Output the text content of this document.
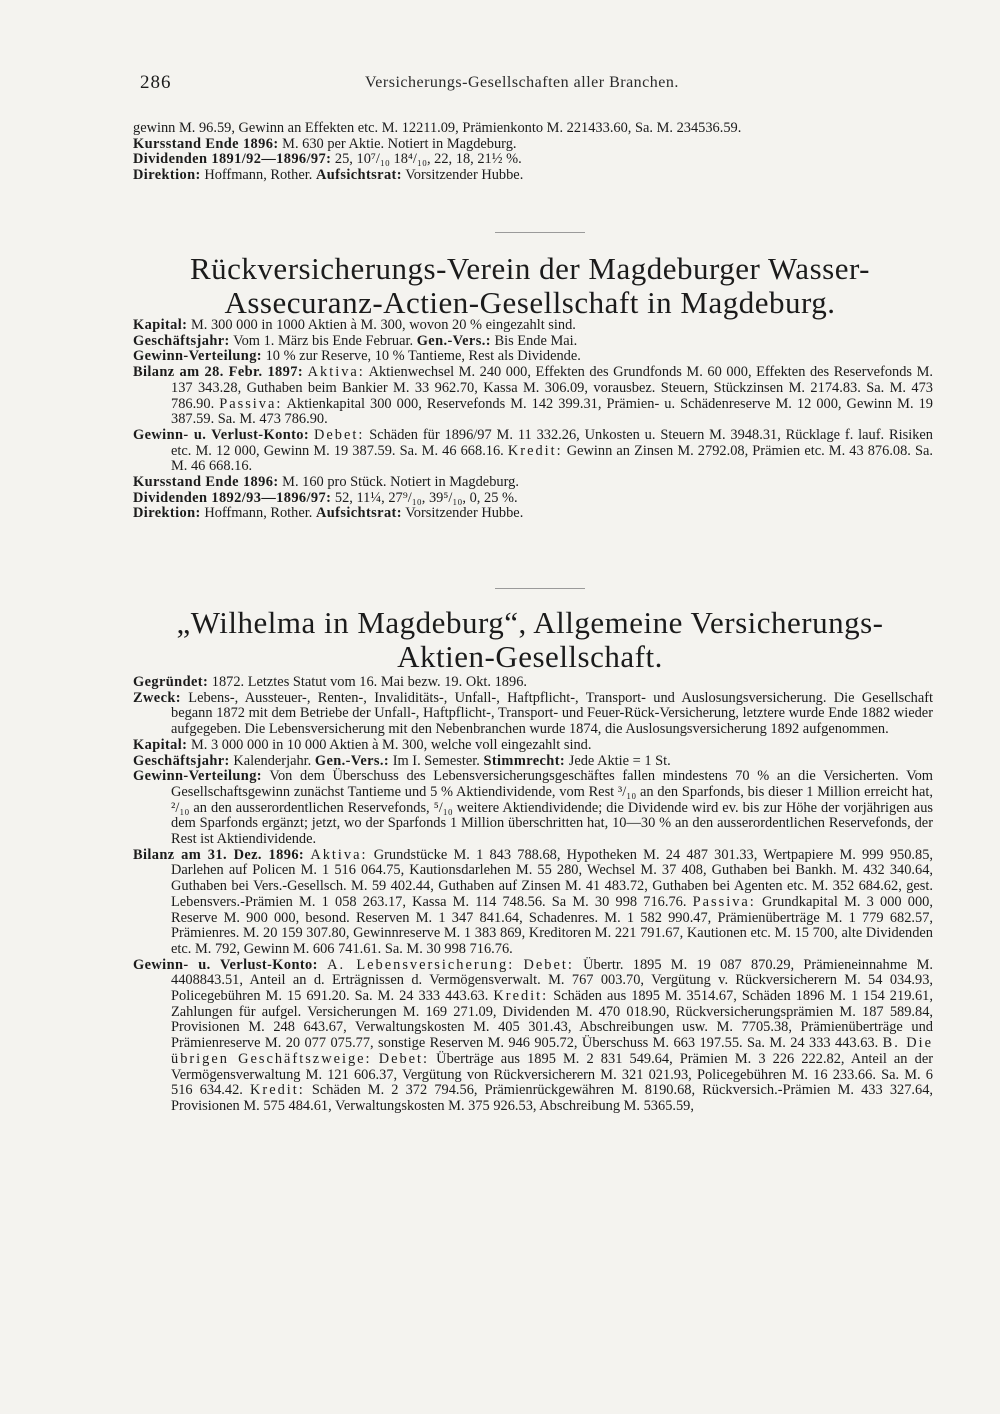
286	Versicherungs-Gesellschaften aller Branchen.

gewinn M. 96.59, Gewinn an Effekten etc. M. 12211.09, Prämienkonto M. 221433.60, Sa. M. 234536.59.

Kursstand Ende 1896: M. 630 per Aktie. Notiert in Magdeburg.

Dividenden 1891/92—1896/97: 25, 10⁷/₁₀ 18⁴/₁₀, 22, 18, 21½ %.

Direktion: Hoffmann, Rother. Aufsichtsrat: Vorsitzender Hubbe.

Rückversicherungs-Verein der Magdeburger Wasser-
Assecuranz-Actien-Gesellschaft in Magdeburg.

Kapital: M. 300 000 in 1000 Aktien à M. 300, wovon 20 % eingezahlt sind.

Geschäftsjahr: Vom 1. März bis Ende Februar. Gen.-Vers.: Bis Ende Mai.

Gewinn-Verteilung: 10 % zur Reserve, 10 % Tantieme, Rest als Dividende.

Bilanz am 28. Febr. 1897: Aktiva: Aktienwechsel M. 240 000, Effekten des Grundfonds M. 60 000, Effekten des Reservefonds M. 137 343.28, Guthaben beim Bankier M. 33 962.70, Kassa M. 306.09, vorausbez. Steuern, Stückzinsen M. 2174.83. Sa. M. 473 786.90. Passiva: Aktienkapital 300 000, Reservefonds M. 142 399.31, Prämien- u. Schädenreserve M. 12 000, Gewinn M. 19 387.59. Sa. M. 473 786.90.

Gewinn- u. Verlust-Konto: Debet: Schäden für 1896/97 M. 11 332.26, Unkosten u. Steuern M. 3948.31, Rücklage f. lauf. Risiken etc. M. 12 000, Gewinn M. 19 387.59. Sa. M. 46 668.16. Kredit: Gewinn an Zinsen M. 2792.08, Prämien etc. M. 43 876.08. Sa. M. 46 668.16.

Kursstand Ende 1896: M. 160 pro Stück. Notiert in Magdeburg.

Dividenden 1892/93—1896/97: 52, 11¼, 27⁹/₁₀, 39⁵/₁₀, 0, 25 %.

Direktion: Hoffmann, Rother. Aufsichtsrat: Vorsitzender Hubbe.

„Wilhelma in Magdeburg“, Allgemeine Versicherungs-
Aktien-Gesellschaft.

Gegründet: 1872. Letztes Statut vom 16. Mai bezw. 19. Okt. 1896.

Zweck: Lebens-, Aussteuer-, Renten-, Invaliditäts-, Unfall-, Haftpflicht-, Transport- und Auslosungsversicherung. Die Gesellschaft begann 1872 mit dem Betriebe der Unfall-, Haftpflicht-, Transport- und Feuer-Rück-Versicherung, letztere wurde Ende 1882 wieder aufgegeben. Die Lebensversicherung mit den Nebenbranchen wurde 1874, die Auslosungsversicherung 1892 aufgenommen.

Kapital: M. 3 000 000 in 10 000 Aktien à M. 300, welche voll eingezahlt sind.

Geschäftsjahr: Kalenderjahr. Gen.-Vers.: Im I. Semester. Stimmrecht: Jede Aktie = 1 St.

Gewinn-Verteilung: Von dem Überschuss des Lebensversicherungsgeschäftes fallen mindestens 70 % an die Versicherten. Vom Gesellschaftsgewinn zunächst Tantieme und 5 % Aktiendividende, vom Rest ³/₁₀ an den Sparfonds, bis dieser 1 Million erreicht hat, ²/₁₀ an den ausserordentlichen Reservefonds, ⁵/₁₀ weitere Aktiendividende; die Dividende wird ev. bis zur Höhe der vorjährigen aus dem Sparfonds ergänzt; jetzt, wo der Sparfonds 1 Million überschritten hat, 10—30 % an den ausserordentlichen Reservefonds, der Rest ist Aktiendividende.

Bilanz am 31. Dez. 1896: Aktiva: Grundstücke M. 1 843 788.68, Hypotheken M. 24 487 301.33, Wertpapiere M. 999 950.85, Darlehen auf Policen M. 1 516 064.75, Kautionsdarlehen M. 55 280, Wechsel M. 37 408, Guthaben bei Bankh. M. 432 340.64, Guthaben bei Vers.-Gesellsch. M. 59 402.44, Guthaben auf Zinsen M. 41 483.72, Guthaben bei Agenten etc. M. 352 684.62, gest. Lebensvers.-Prämien M. 1 058 263.17, Kassa M. 114 748.56. Sa M. 30 998 716.76. Passiva: Grundkapital M. 3 000 000, Reserve M. 900 000, besond. Reserven M. 1 347 841.64, Schadenres. M. 1 582 990.47, Prämienüberträge M. 1 779 682.57, Prämienres. M. 20 159 307.80, Gewinnreserve M. 1 383 869, Kreditoren M. 221 791.67, Kautionen etc. M. 15 700, alte Dividenden etc. M. 792, Gewinn M. 606 741.61. Sa. M. 30 998 716.76.

Gewinn- u. Verlust-Konto: A. Lebensversicherung: Debet: Übertr. 1895 M. 19 087 870.29, Prämieneinnahme M. 4408843.51, Anteil an d. Erträgnissen d. Vermögensverwalt. M. 767 003.70, Vergütung v. Rückversicherern M. 54 034.93, Policegebühren M. 15 691.20. Sa. M. 24 333 443.63. Kredit: Schäden aus 1895 M. 3514.67, Schäden 1896 M. 1 154 219.61, Zahlungen für aufgel. Versicherungen M. 169 271.09, Dividenden M. 470 018.90, Rückversicherungsprämien M. 187 589.84, Provisionen M. 248 643.67, Verwaltungskosten M. 405 301.43, Abschreibungen usw. M. 7705.38, Prämienüberträge und Prämienreserve M. 20 077 075.77, sonstige Reserven M. 946 905.72, Überschuss M. 663 197.55. Sa. M. 24 333 443.63. B. Die übrigen Geschäftszweige: Debet: Überträge aus 1895 M. 2 831 549.64, Prämien M. 3 226 222.82, Anteil an der Vermögensverwaltung M. 121 606.37, Vergütung von Rückversicherern M. 321 021.93, Policegebühren M. 16 233.66. Sa. M. 6 516 634.42. Kredit: Schäden M. 2 372 794.56, Prämienrückgewähren M. 8190.68, Rückversich.-Prämien M. 433 327.64, Provisionen M. 575 484.61, Verwaltungskosten M. 375 926.53, Abschreibung M. 5365.59,
